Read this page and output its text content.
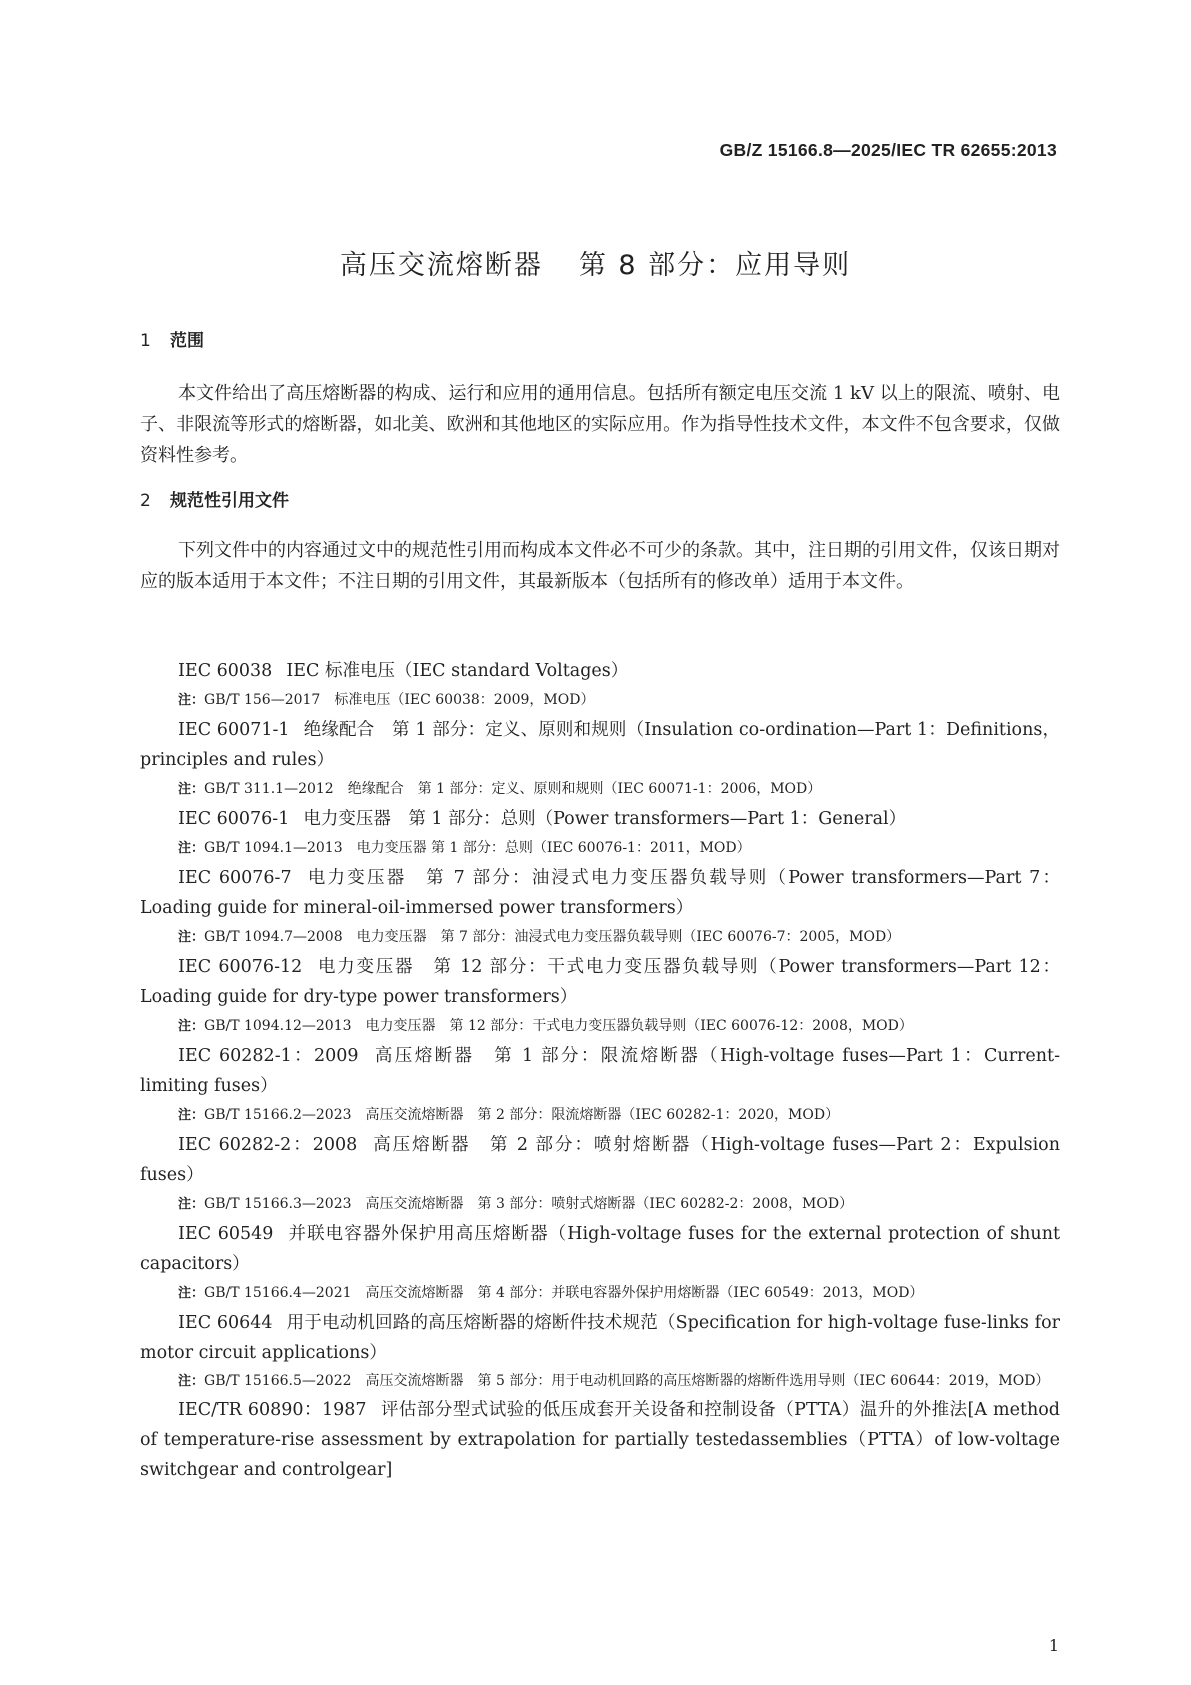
GB/Z 15166.8—2025/IEC TR 62655:2013
高压交流熔断器 第 8 部分：应用导则
1 范围

本文件给出了高压熔断器的构成、运行和应用的通用信息。包括所有额定电压交流 1 kV 以上的限流、喷射、电子、非限流等形式的熔断器，如北美、欧洲和其他地区的实际应用。作为指导性技术文件，本文件不包含要求，仅做资料性参考。

2 规范性引用文件

下列文件中的内容通过文中的规范性引用而构成本文件必不可少的条款。其中，注日期的引用文件，仅该日期对应的版本适用于本文件；不注日期的引用文件，其最新版本（包括所有的修改单）适用于本文件。

IEC 60038 IEC 标准电压（IEC standard Voltages）

注：GB/T 156—2017　标准电压（IEC 60038：2009，MOD）

IEC 60071-1 绝缘配合　第 1 部分：定义、原则和规则（Insulation co-ordination—Part 1：Definitions，principles and rules）

注：GB/T 311.1—2012　绝缘配合　第 1 部分：定义、原则和规则（IEC 60071-1：2006，MOD）

IEC 60076-1 电力变压器　第 1 部分：总则（Power transformers—Part 1：General）

注：GB/T 1094.1—2013　电力变压器 第 1 部分：总则（IEC 60076-1：2011，MOD）

IEC 60076-7 电力变压器　第 7 部分：油浸式电力变压器负载导则（Power transformers—Part 7：Loading guide for mineral-oil-immersed power transformers）

注：GB/T 1094.7—2008　电力变压器　第 7 部分：油浸式电力变压器负载导则（IEC 60076-7：2005，MOD）

IEC 60076-12 电力变压器　第 12 部分：干式电力变压器负载导则（Power transformers—Part 12：Loading guide for dry-type power transformers）

注：GB/T 1094.12—2013　电力变压器　第 12 部分：干式电力变压器负载导则（IEC 60076-12：2008，MOD）

IEC 60282-1：2009 高压熔断器　第 1 部分：限流熔断器（High-voltage fuses—Part 1：Current-limiting fuses）

注：GB/T 15166.2—2023　高压交流熔断器　第 2 部分：限流熔断器（IEC 60282-1：2020，MOD）

IEC 60282-2：2008 高压熔断器　第 2 部分：喷射熔断器（High-voltage fuses—Part 2：Expulsion fuses）

注：GB/T 15166.3—2023　高压交流熔断器　第 3 部分：喷射式熔断器（IEC 60282-2：2008，MOD）

IEC 60549 并联电容器外保护用高压熔断器（High-voltage fuses for the external protection of shunt capacitors）

注：GB/T 15166.4—2021　高压交流熔断器　第 4 部分：并联电容器外保护用熔断器（IEC 60549：2013，MOD）

IEC 60644 用于电动机回路的高压熔断器的熔断件技术规范（Specification for high-voltage fuse-links for motor circuit applications）

注：GB/T 15166.5—2022　高压交流熔断器　第 5 部分：用于电动机回路的高压熔断器的熔断件选用导则（IEC 60644：2019，MOD）

IEC/TR 60890：1987 评估部分型式试验的低压成套开关设备和控制设备（PTTA）温升的外推法[A method of temperature-rise assessment by extrapolation for partially testedassemblies（PTTA）of low-voltage switchgear and controlgear]

1
